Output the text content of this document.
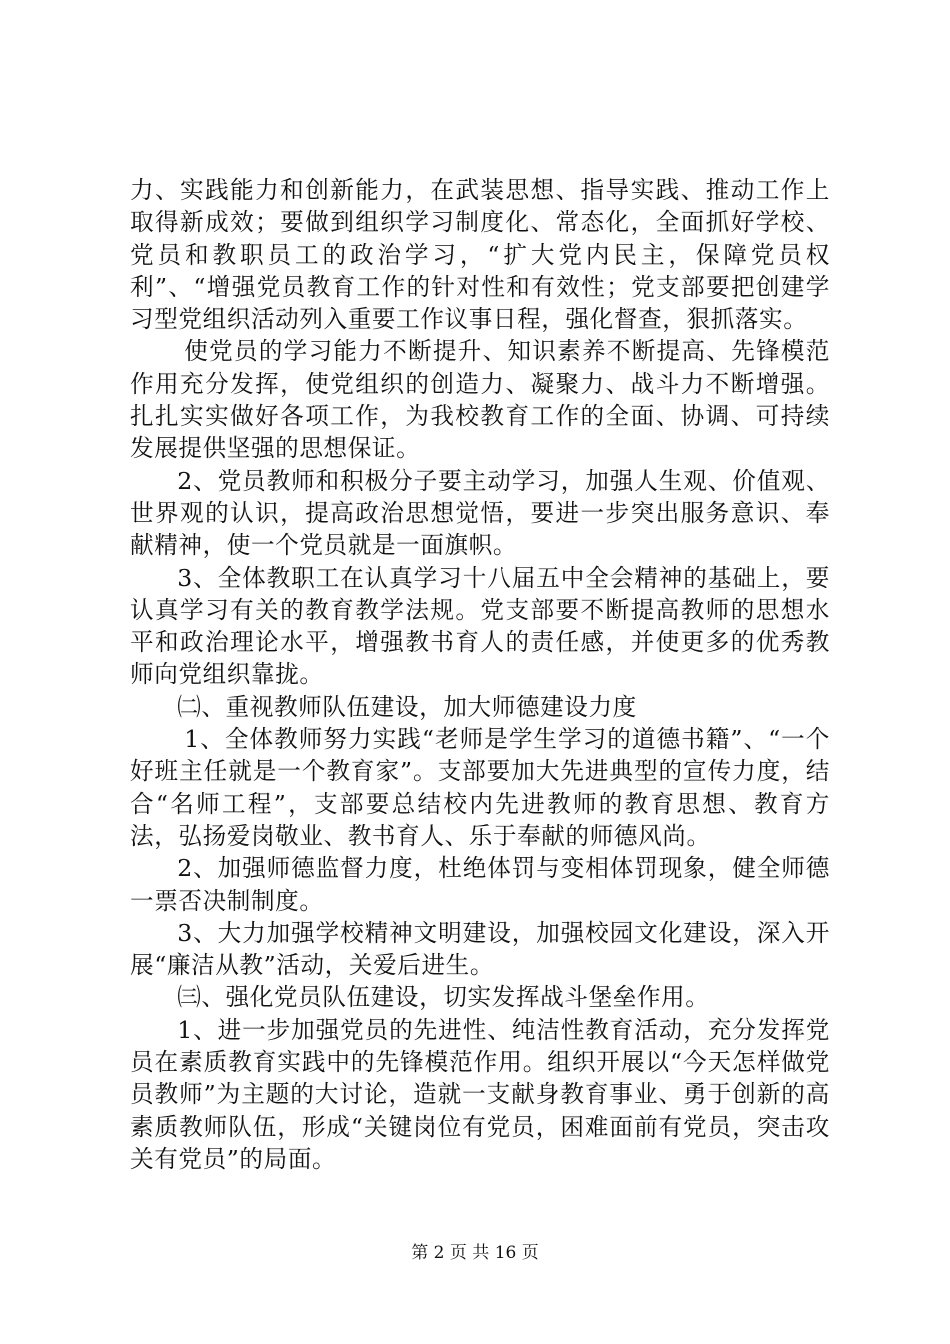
力、实践能力和创新能力，在武装思想、指导实践、推动工作上取得新成效；要做到组织学习制度化、常态化，全面抓好学校、党员和教职员工的政治学习，“扩大党内民主，保障党员权利”、“增强党员教育工作的针对性和有效性；党支部要把创建学习型党组织活动列入重要工作议事日程，强化督查，狠抓落实。

使党员的学习能力不断提升、知识素养不断提高、先锋模范作用充分发挥，使党组织的创造力、凝聚力、战斗力不断增强。扎扎实实做好各项工作，为我校教育工作的全面、协调、可持续发展提供坚强的思想保证。

2、党员教师和积极分子要主动学习，加强人生观、价值观、世界观的认识，提高政治思想觉悟，要进一步突出服务意识、奉献精神，使一个党员就是一面旗帜。

3、全体教职工在认真学习十八届五中全会精神的基础上，要认真学习有关的教育教学法规。党支部要不断提高教师的思想水平和政治理论水平，增强教书育人的责任感，并使更多的优秀教师向党组织靠拢。

㈡、重视教师队伍建设，加大师德建设力度

1、全体教师努力实践“老师是学生学习的道德书籍”、“一个好班主任就是一个教育家”。支部要加大先进典型的宣传力度，结合“名师工程”，支部要总结校内先进教师的教育思想、教育方法，弘扬爱岗敬业、教书育人、乐于奉献的师德风尚。

2、加强师德监督力度，杜绝体罚与变相体罚现象，健全师德一票否决制制度。

3、大力加强学校精神文明建设，加强校园文化建设，深入开展“廉洁从教”活动，关爱后进生。

㈢、强化党员队伍建设，切实发挥战斗堡垒作用。

1、进一步加强党员的先进性、纯洁性教育活动，充分发挥党员在素质教育实践中的先锋模范作用。组织开展以“今天怎样做党员教师”为主题的大讨论，造就一支献身教育事业、勇于创新的高素质教师队伍，形成“关键岗位有党员，困难面前有党员，突击攻关有党员”的局面。

第 2 页 共 16 页
